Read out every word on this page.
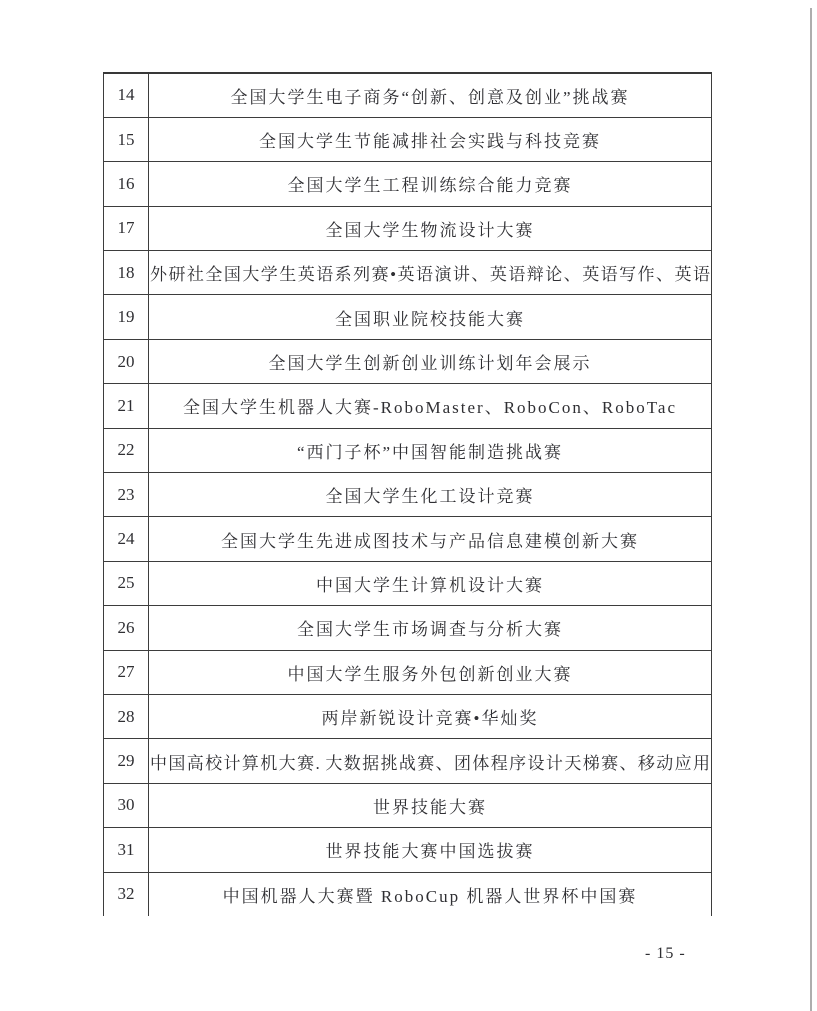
14	全国大学生电子商务“创新、创意及创业”挑战赛
15	全国大学生节能减排社会实践与科技竞赛
16	全国大学生工程训练综合能力竞赛
17	全国大学生物流设计大赛
18	外研社全国大学生英语系列赛•英语演讲、英语辩论、英语写作、英语
19	全国职业院校技能大赛
20	全国大学生创新创业训练计划年会展示
21	全国大学生机器人大赛-RoboMaster、RoboCon、RoboTac
22	“西门子杯”中国智能制造挑战赛
23	全国大学生化工设计竞赛
24	全国大学生先进成图技术与产品信息建模创新大赛
25	中国大学生计算机设计大赛
26	全国大学生市场调查与分析大赛
27	中国大学生服务外包创新创业大赛
28	两岸新锐设计竞赛•华灿奖
29	中国高校计算机大赛. 大数据挑战赛、团体程序设计天梯赛、移动应用
30	世界技能大赛
31	世界技能大赛中国选拔赛
32	中国机器人大赛暨 RoboCup 机器人世界杯中国赛
- 15 -
